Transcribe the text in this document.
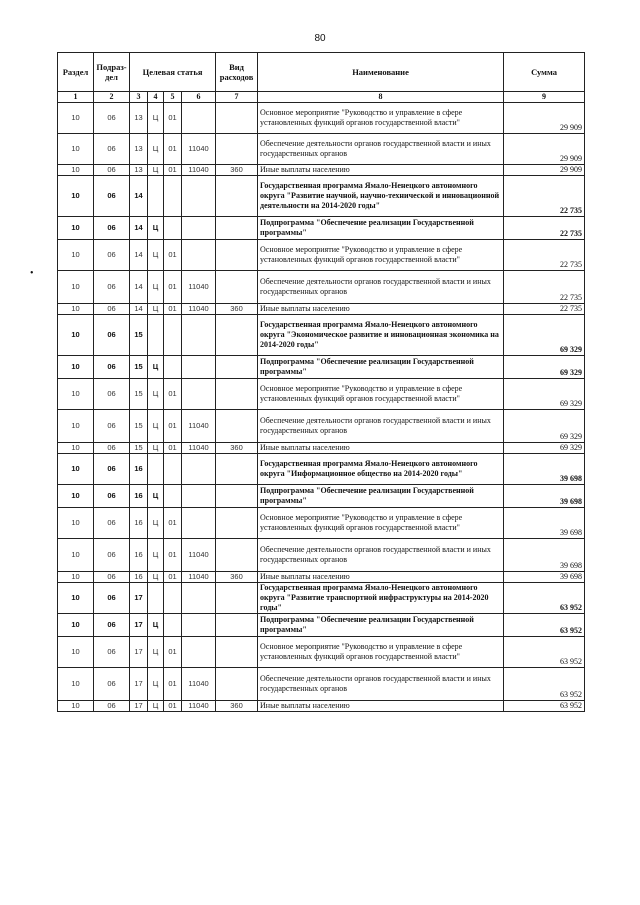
80
•
Раздел	Подраз-дел	Целевая статья				Вид расходов	Наименование	Сумма
1	2	3	4	5	6	7	8	9
10	06	13	Ц	01			Основное мероприятие "Руководство и управление в сфере установленных функций органов государственной власти"	29 909
10	06	13	Ц	01	11040		Обеспечение деятельности органов государственной власти и иных государственных органов	29 909
10	06	13	Ц	01	11040	360	Иные выплаты населению	29 909
10	06	14					Государственная программа Ямало-Ненецкого автономного округа "Развитие научной, научно-технической и инновационной деятельности на 2014-2020 годы"	22 735
10	06	14	Ц				Подпрограмма "Обеспечение реализации Государственной программы"	22 735
10	06	14	Ц	01			Основное мероприятие "Руководство и управление в сфере установленных функций органов государственной власти"	22 735
10	06	14	Ц	01	11040		Обеспечение деятельности органов государственной власти и иных государственных органов	22 735
10	06	14	Ц	01	11040	360	Иные выплаты населению	22 735
10	06	15					Государственная программа Ямало-Ненецкого автономного округа "Экономическое развитие и инновационная экономика на 2014-2020 годы"	69 329
10	06	15	Ц				Подпрограмма "Обеспечение реализации Государственной программы"	69 329
10	06	15	Ц	01			Основное мероприятие "Руководство и управление в сфере установленных функций органов государственной власти"	69 329
10	06	15	Ц	01	11040		Обеспечение деятельности органов государственной власти и иных государственных органов	69 329
10	06	15	Ц	01	11040	360	Иные выплаты населению	69 329
10	06	16					Государственная программа Ямало-Ненецкого автономного округа "Информационное общество на 2014-2020 годы"	39 698
10	06	16	Ц				Подпрограмма "Обеспечение реализации Государственной программы"	39 698
10	06	16	Ц	01			Основное мероприятие "Руководство и управление в сфере установленных функций органов государственной власти"	39 698
10	06	16	Ц	01	11040		Обеспечение деятельности органов государственной власти и иных государственных органов	39 698
10	06	16	Ц	01	11040	360	Иные выплаты населению	39 698
10	06	17					Государственная программа Ямало-Ненецкого автономного округа "Развитие транспортной инфраструктуры на 2014-2020 годы"	63 952
10	06	17	Ц				Подпрограмма "Обеспечение реализации Государственной программы"	63 952
10	06	17	Ц	01			Основное мероприятие "Руководство и управление в сфере установленных функций органов государственной власти"	63 952
10	06	17	Ц	01	11040		Обеспечение деятельности органов государственной власти и иных государственных органов	63 952
10	06	17	Ц	01	11040	360	Иные выплаты населению	63 952
